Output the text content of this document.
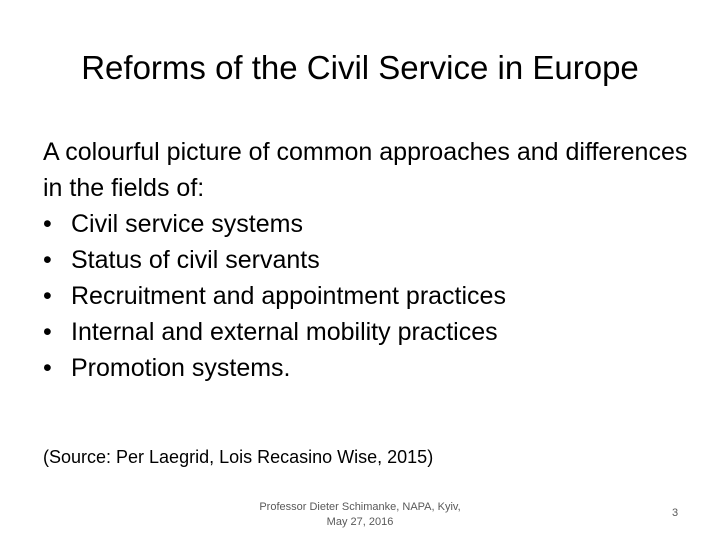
Reforms of the Civil Service in Europe

A colourful picture of common approaches and differences in the fields of:

• Civil service systems
• Status of civil servants
• Recruitment and appointment practices
• Internal and external mobility practices
• Promotion systems.
(Source: Per Laegrid, Lois Recasino Wise, 2015)
Professor Dieter Schimanke, NAPA, Kyiv,
May 27, 2016
3
